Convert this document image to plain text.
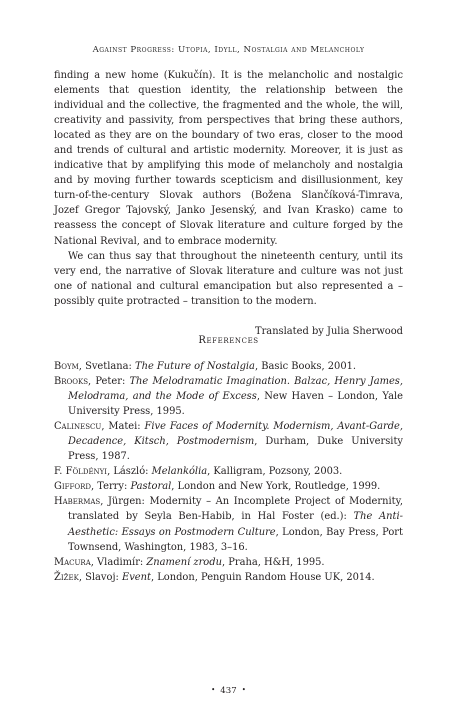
Against Progress: Utopia, Idyll, Nostalgia and Melancholy

finding a new home (Kukučín). It is the melancholic and nostalgic elements that question identity, the relationship between the individual and the collective, the fragmented and the whole, the will, creativity and passivity, from perspectives that bring these authors, located as they are on the boundary of two eras, closer to the mood and trends of cultural and artistic modernity. Moreover, it is just as indicative that by amplifying this mode of melancholy and nostalgia and by moving further towards scepticism and disillusionment, key turn-of-the-century Slovak authors (Božena Slančíková-Timrava, Jozef Gregor Tajovský, Janko Jesenský, and Ivan Krasko) came to reassess the concept of Slovak literature and culture forged by the National Revival, and to embrace modernity.

We can thus say that throughout the nineteenth century, until its very end, the narrative of Slovak literature and culture was not just one of national and cultural emancipation but also represented a – possibly quite protracted – transition to the modern.

Translated by Julia Sherwood
References

Boym, Svetlana: The Future of Nostalgia, Basic Books, 2001.

Brooks, Peter: The Melodramatic Imagination. Balzac, Henry James, Melodrama, and the Mode of Excess, New Haven – London, Yale University Press, 1995.

Calinescu, Matei: Five Faces of Modernity. Modernism, Avant-Garde, Decadence, Kitsch, Postmodernism, Durham, Duke University Press, 1987.

F. Földényi, László: Melankólia, Kalligram, Pozsony, 2003.

Gifford, Terry: Pastoral, London and New York, Routledge, 1999.

Habermas, Jürgen: Modernity – An Incomplete Project of Modernity, translated by Seyla Ben-Habib, in Hal Foster (ed.): The Anti-Aesthetic: Essays on Postmodern Culture, London, Bay Press, Port Townsend, Washington, 1983, 3–16.

Macura, Vladimír: Znamení zrodu, Praha, H&H, 1995.

Žižek, Slavoj: Event, London, Penguin Random House UK, 2014.

• 437 •
